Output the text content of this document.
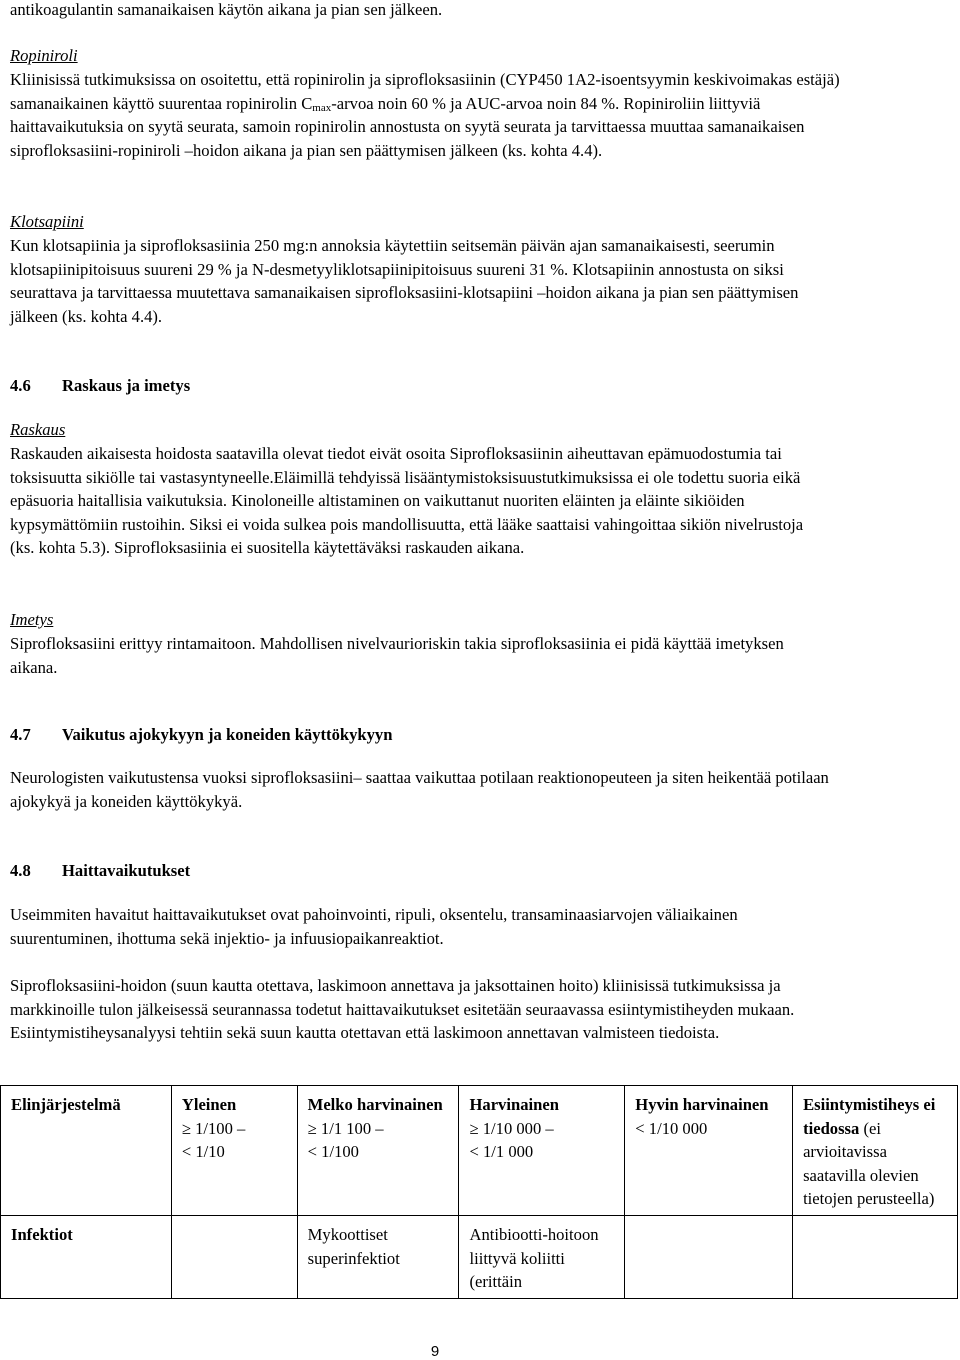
antikoagulantin samanaikaisen käytön aikana ja pian sen jälkeen.

Ropiniroli

Kliinisissä tutkimuksissa on osoitettu, että ropinirolin ja siprofloksasiinin (CYP450 1A2-isoentsyymin keskivoimakas estäjä) samanaikainen käyttö suurentaa ropinirolin $C_{max}$-arvoa noin 60 % ja AUC-arvoa noin 84 %. Ropiniroliin liittyviä haittavaikutuksia on syytä seurata, samoin ropinirolin annostusta on syytä seurata ja tarvittaessa muuttaa samanaikaisen siprofloksasiini-ropiniroli –hoidon aikana ja pian sen päättymisen jälkeen (ks. kohta 4.4).

Klotsapiini

Kun klotsapiinia ja siprofloksasiinia 250 mg:n annoksia käytettiin seitsemän päivän ajan samanaikaisesti, seerumin klotsapiinipitoisuus suureni 29 % ja N-desmetyyliklotsapiinipitoisuus suureni 31 %. Klotsapiinin annostusta on siksi seurattava ja tarvittaessa muutettava samanaikaisen siprofloksasiini-klotsapiini –hoidon aikana ja pian sen päättymisen jälkeen (ks. kohta 4.4).

4.6 Raskaus ja imetys

Raskaus

Raskauden aikaisesta hoidosta saatavilla olevat tiedot eivät osoita Siprofloksasiinin aiheuttavan epämuodostumia tai toksisuutta sikiölle tai vastasyntyneelle.Eläimillä tehdyissä lisääntymistoksisuustutkimuksissa ei ole todettu suoria eikä epäsuoria haitallisia vaikutuksia. Kinoloneille altistaminen on vaikuttanut nuoriten eläinten ja eläinte sikiöiden kypsymättömiin rustoihin. Siksi ei voida sulkea pois mandollisuutta, että lääke saattaisi vahingoittaa sikiön nivelrustoja (ks. kohta 5.3). Siprofloksasiinia ei suositella käytettäväksi raskauden aikana.

Imetys

Siprofloksasiini erittyy rintamaitoon. Mahdollisen nivelvaurioriskin takia siprofloksasiinia ei pidä käyttää imetyksen aikana.

4.7 Vaikutus ajokykyyn ja koneiden käyttökykyyn

Neurologisten vaikutustensa vuoksi siprofloksasiini– saattaa vaikuttaa potilaan reaktionopeuteen ja siten heikentää potilaan ajokykyä ja koneiden käyttökykyä.

4.8 Haittavaikutukset

Useimmiten havaitut haittavaikutukset ovat pahoinvointi, ripuli, oksentelu, transaminaasiarvojen väliaikainen suurentuminen, ihottuma sekä injektio- ja infuusiopaikanreaktiot.

Siprofloksasiini-hoidon (suun kautta otettava, laskimoon annettava ja jaksottainen hoito) kliinisissä tutkimuksissa ja markkinoille tulon jälkeisessä seurannassa todetut haittavaikutukset esitetään seuraavassa esiintymistiheyden mukaan. Esiintymistiheysanalyysi tehtiin sekä suun kautta otettavan että laskimoon annettavan valmisteen tiedoista.

Elinjärjestelmä	Yleinen
≥ 1/100 –
< 1/10	Melko harvinainen
≥ 1/1 100 –
< 1/100	Harvinainen
≥ 1/10 000 –
< 1/1 000	Hyvin harvinainen
< 1/10 000	Esiintymistiheys ei tiedossa (ei arvioitavissa saatavilla olevien tietojen perusteella)
Infektiot		Mykoottiset superinfektiot	Antibiootti-hoitoon liittyvä koliitti (erittäin		
9
